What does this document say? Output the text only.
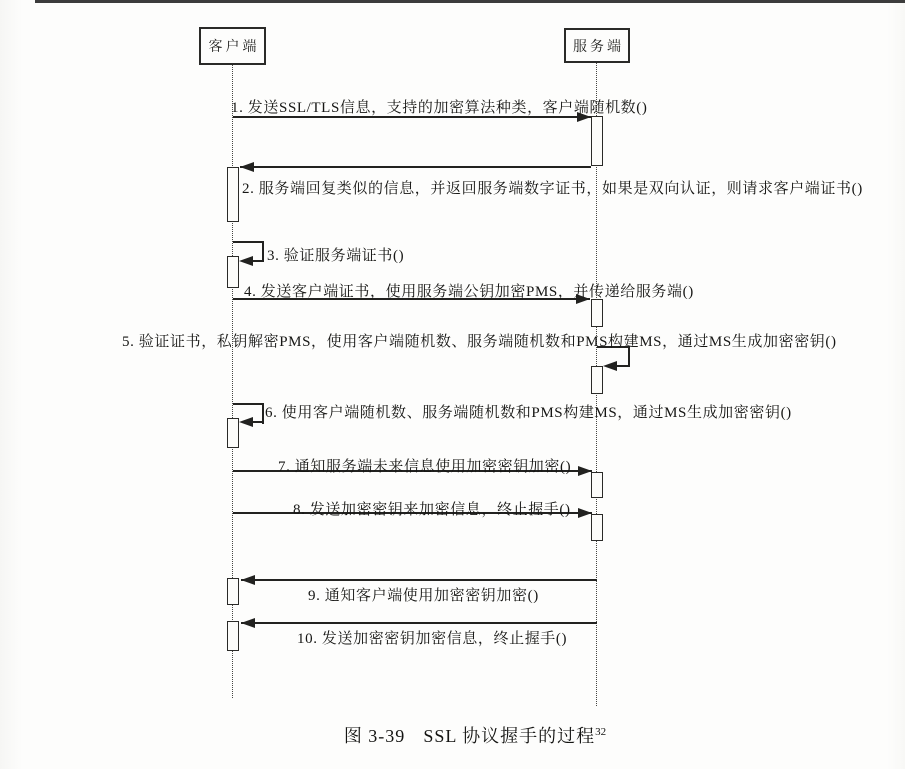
客户端	服务端
1. 发送SSL/TLS信息，支持的加密算法种类，客户端随机数()
2. 服务端回复类似的信息，并返回服务端数字证书，如果是双向认证，则请求客户端证书()
3. 验证服务端证书()
4. 发送客户端证书，使用服务端公钥加密PMS，并传递给服务端()
5. 验证证书，私钥解密PMS，使用客户端随机数、服务端随机数和PMS构建MS，通过MS生成加密密钥()
6. 使用客户端随机数、服务端随机数和PMS构建MS，通过MS生成加密密钥()
7. 通知服务端未来信息使用加密密钥加密()
8. 发送加密密钥来加密信息，终止握手()
9. 通知客户端使用加密密钥加密()
10. 发送加密密钥加密信息，终止握手()
图 3-39 SSL 协议握手的过程$^{32}$
